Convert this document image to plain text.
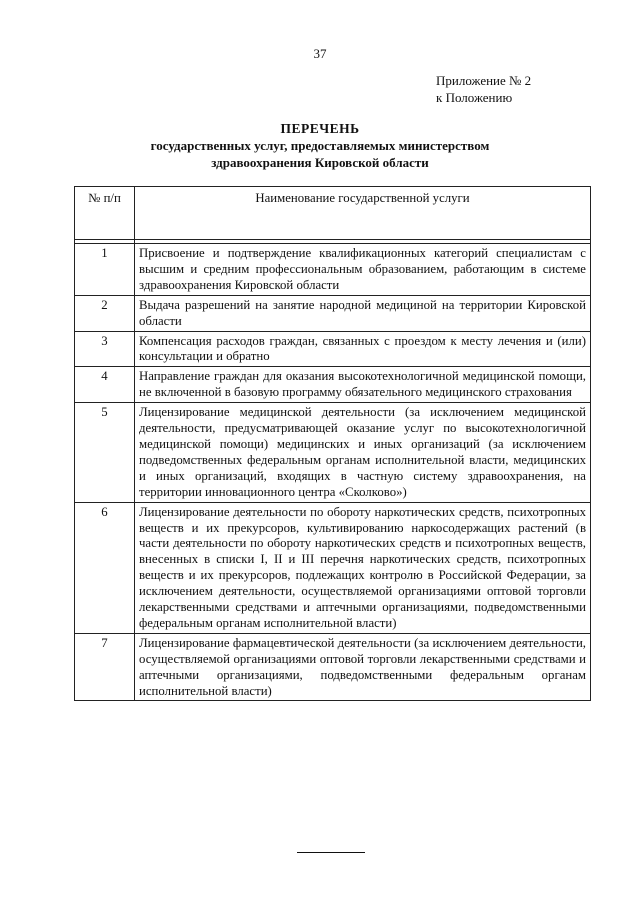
37
Приложение № 2
к Положению
ПЕРЕЧЕНЬ
государственных услуг, предоставляемых министерством
здравоохранения Кировской области
№ п/п	Наименование государственной услуги

1	Присвоение и подтверждение квалификационных категорий специалистам с высшим и средним профессиональным образованием, работающим в системе здравоохранения Кировской области
2	Выдача разрешений на занятие народной медициной на территории Кировской области
3	Компенсация расходов граждан, связанных с проездом к месту лечения и (или) консультации и обратно
4	Направление граждан для оказания высокотехнологичной медицинской помощи, не включенной в базовую программу обязательного медицинского страхования
5	Лицензирование медицинской деятельности (за исключением медицинской деятельности, предусматривающей оказание услуг по высокотехнологичной медицинской помощи) медицинских и иных организаций (за исключением подведомственных федеральным органам исполнительной власти, медицинских и иных организаций, входящих в частную систему здравоохранения, на территории инновационного центра «Сколково»)
6	Лицензирование деятельности по обороту наркотических средств, психотропных веществ и их прекурсоров, культивированию наркосодержащих растений (в части деятельности по обороту наркотических средств и психотропных веществ, внесенных в списки I, II и III перечня наркотических средств, психотропных веществ и их прекурсоров, подлежащих контролю в Российской Федерации, за исключением деятельности, осуществляемой организациями оптовой торговли лекарственными средствами и аптечными организациями, подведомственными федеральным органам исполнительной власти)
7	Лицензирование фармацевтической деятельности (за исключением деятельности, осуществляемой организациями оптовой торговли лекарственными средствами и аптечными организациями, подведомственными федеральным органам исполнительной власти)
